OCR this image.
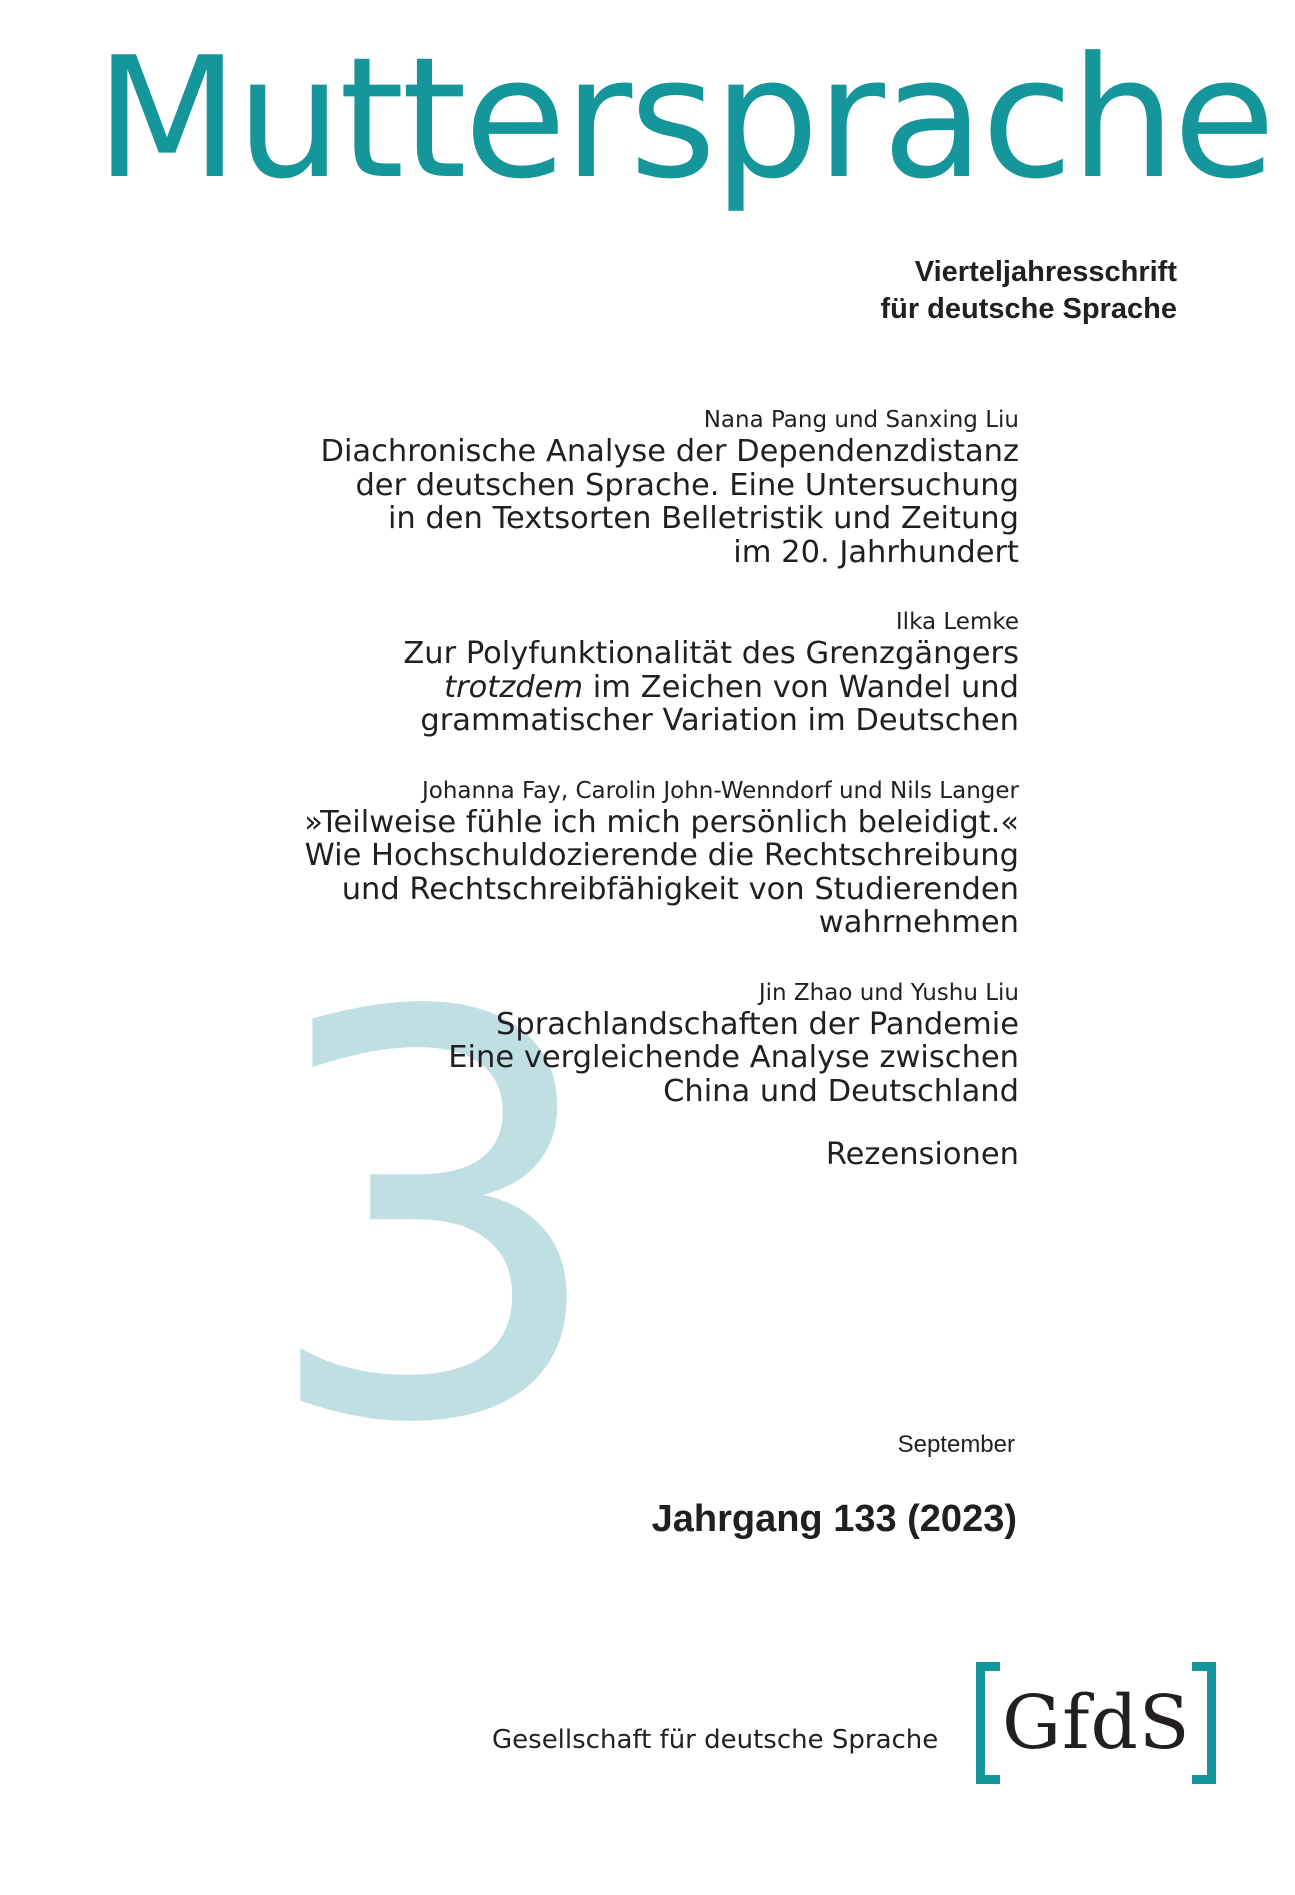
Muttersprache
Vierteljahresschrift
für deutsche Sprache
3
Nana Pang und Sanxing Liu
Diachronische Analyse der Dependenzdistanz
der deutschen Sprache. Eine Untersuchung
in den Textsorten Belletristik und Zeitung
im 20. Jahrhundert
Ilka Lemke
Zur Polyfunktionalität des Grenzgängers
trotzdem im Zeichen von Wandel und
grammatischer Variation im Deutschen
Johanna Fay, Carolin John-Wenndorf und Nils Langer
»Teilweise fühle ich mich persönlich beleidigt.«
Wie Hochschuldozierende die Rechtschreibung
und Rechtschreibfähigkeit von Studierenden
wahrnehmen
Jin Zhao und Yushu Liu
Sprachlandschaften der Pandemie
Eine vergleichende Analyse zwischen
China und Deutschland
Rezensionen
September
Jahrgang 133 (2023)
Gesellschaft für deutsche Sprache GfdS
